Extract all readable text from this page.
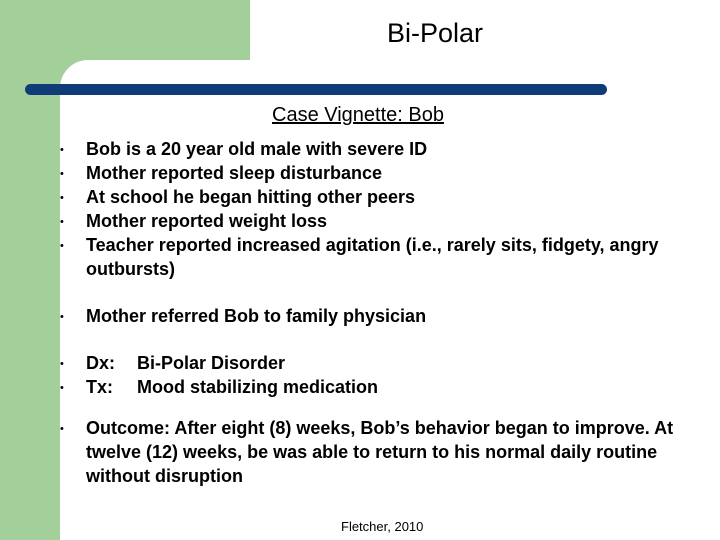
Bi-Polar
Case Vignette: Bob
• Bob is a 20 year old male with severe ID
• Mother reported sleep disturbance
• At school he began hitting other peers
• Mother reported weight loss
• Teacher reported increased agitation (i.e., rarely sits, fidgety, angry outbursts)
• Mother referred Bob to family physician
• Dx: Bi-Polar Disorder
• Tx: Mood stabilizing medication
• Outcome: After eight (8) weeks, Bob’s behavior began to improve. At twelve (12) weeks, be was able to return to his normal daily routine without disruption
Fletcher, 2010
